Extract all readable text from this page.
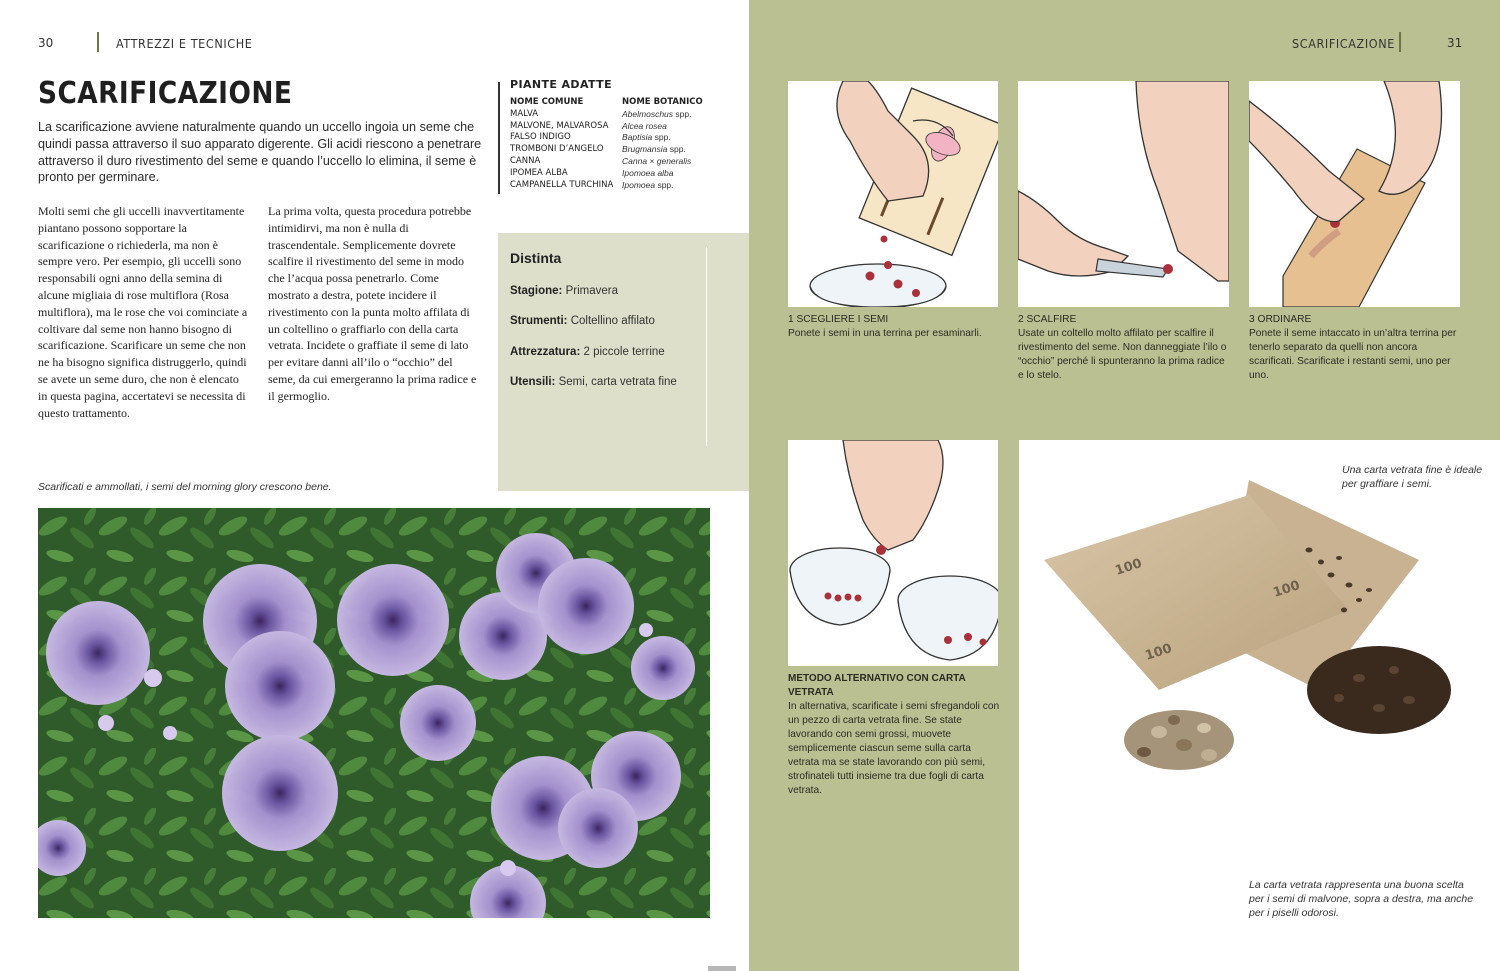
30	ATTREZZI E TECNICHE
SCARIFICAZIONE

La scarificazione avviene naturalmente quando un uccello ingoia un seme che quindi passa attraverso il suo apparato digerente. Gli acidi riescono a penetrare attraverso il duro rivestimento del seme e quando l’uccello lo elimina, il seme è pronto per germinare.

Molti semi che gli uccelli inavvertitamente piantano possono sopportare la scarificazione o richiederla, ma non è sempre vero. Per esempio, gli uccelli sono responsabili ogni anno della semina di alcune migliaia di rose multiflora (Rosa multiflora), ma le rose che voi cominciate a coltivare dal seme non hanno bisogno di scarificazione. Scarificare un seme che non ne ha bisogno significa distruggerlo, quindi se avete un seme duro, che non è elencato in questa pagina, accertatevi se necessita di questo trattamento.

La prima volta, questa procedura potrebbe intimidirvi, ma non è nulla di trascendentale. Semplicemente dovrete scalfire il rivestimento del seme in modo che l’acqua possa penetrarlo. Come mostrato a destra, potete incidere il rivestimento con la punta molto affilata di un coltellino o graffiarlo con della carta vetrata. Incidete o graffiate il seme di lato per evitare danni all’ilo o “occhio” del seme, da cui emergeranno la prima radice e il germoglio.

PIANTE ADATTE
NOME COMUNE
MALVA
MALVONE, MALVAROSA
FALSO INDIGO
TROMBONI D’ANGELO
CANNA
IPOMEA ALBA
CAMPANELLA TURCHINA
NOME BOTANICO
Abelmoschus spp.
Alcea rosea
Baptisia spp.
Brugmansia spp.
Canna × generalis
Ipomoea alba
Ipomoea spp.
Distinta
Stagione: Primavera
Strumenti: Coltellino affilato
Attrezzatura: 2 piccole terrine
Utensili: Semi, carta vetrata fine
Scarificati e ammollati, i semi del morning glory crescono bene.
SCARIFICAZIONE	31
1 SCEGLIERE I SEMI
Ponete i semi in una terrina per esaminarli.
2 SCALFIRE
Usate un coltello molto affilato per scalfire il rivestimento del seme. Non danneggiate l’ilo o “occhio” perché li spunteranno la prima radice e lo stelo.
3 ORDINARE
Ponete il seme intaccato in un’altra terrina per tenerlo separato da quelli non ancora scarificati. Scarificate i restanti semi, uno per uno.
METODO ALTERNATIVO CON CARTA VETRATA
In alternativa, scarificate i semi sfregandoli con un pezzo di carta vetrata fine. Se state lavorando con semi grossi, muovete semplicemente ciascun seme sulla carta vetrata ma se state lavorando con più semi, strofinateli tutti insieme tra due fogli di carta vetrata.
Una carta vetrata fine è ideale per graffiare i semi.
100
100
100
La carta vetrata rappresenta una buona scelta per i semi di malvone, sopra a destra, ma anche per i piselli odorosi.
